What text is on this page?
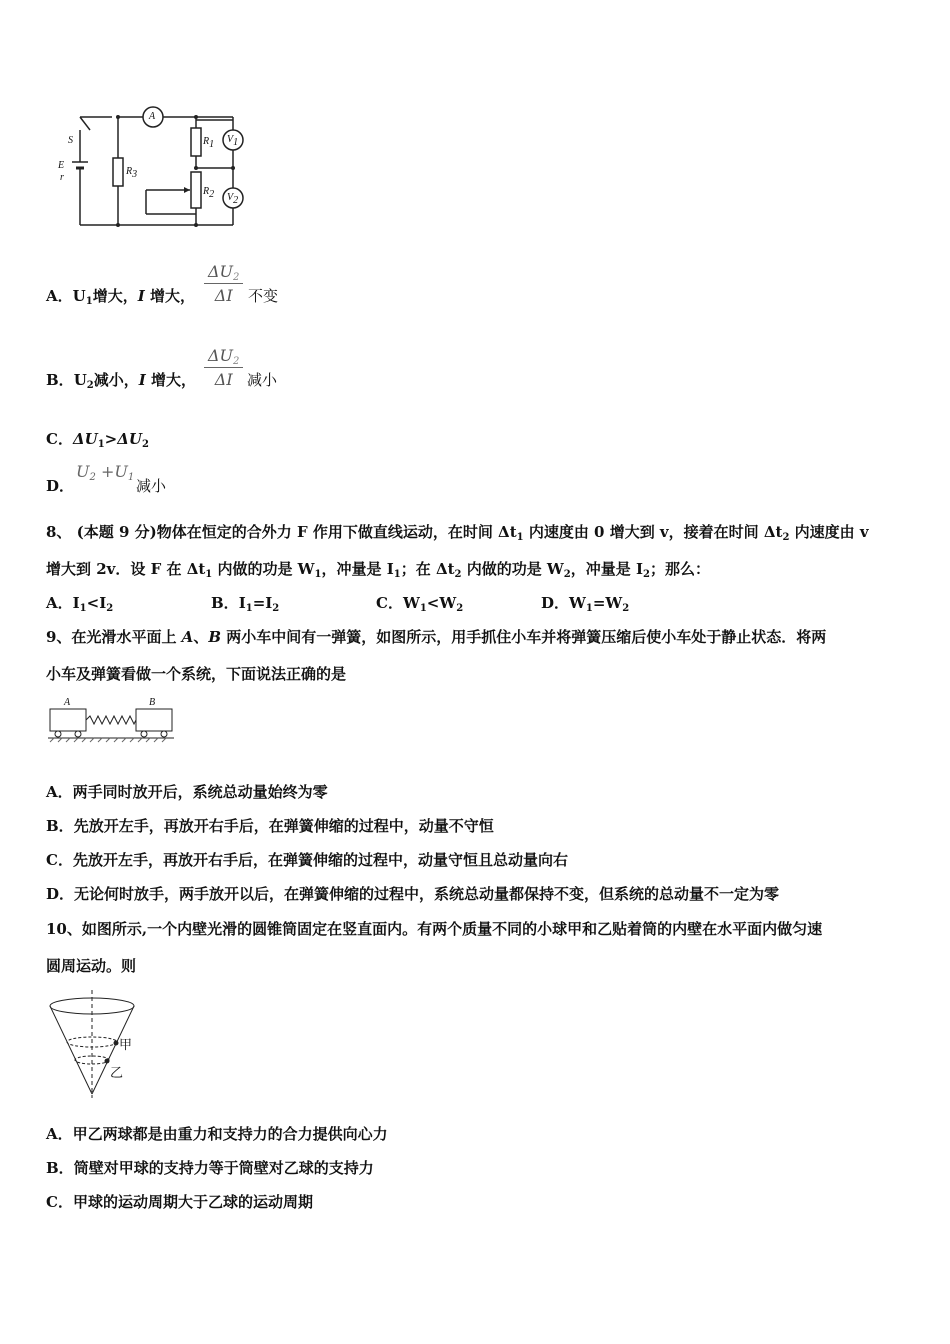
S
E
r
$R_3$
A
$R_1$
$R_2$
$V_1$
$V_2$
A．$U_1$增大，I 增大， $\frac{\Delta U_2}{\Delta I}$ 不变
B．$U_2$减小，I 增大， $\frac{\Delta U_2}{\Delta I}$ 减小
C．$\Delta U_1>\Delta U_2$
D．
$U_2 +U_1$ 减小
8、 (本题 9 分)物体在恒定的合外力 F 作用下做直线运动，在时间 $\Delta t_1$ 内速度由 0 增大到 v，接着在时间 $\Delta t_2$ 内速度由 v
增大到 2v．设 F 在 $\Delta t_1$ 内做的功是 $W_1$，冲量是 $I_1$；在 $\Delta t_2$ 内做的功是 $W_2$，冲量是 $I_2$；那么：
A．$I_1<I_2$	B．$I_1=I_2$	C．$W_1<W_2$	D．$W_1=W_2$
9、在光滑水平面上 A、B 两小车中间有一弹簧，如图所示，用手抓住小车并将弹簧压缩后使小车处于静止状态．将两
小车及弹簧看做一个系统，下面说法正确的是
A	B
A．两手同时放开后，系统总动量始终为零
B．先放开左手，再放开右手后，在弹簧伸缩的过程中，动量不守恒
C．先放开左手，再放开右手后，在弹簧伸缩的过程中，动量守恒且总动量向右
D．无论何时放手，两手放开以后，在弹簧伸缩的过程中，系统总动量都保持不变，但系统的总动量不一定为零
10、如图所示,一个内壁光滑的圆锥筒固定在竖直面内。有两个质量不同的小球甲和乙贴着筒的内壁在水平面内做匀速
圆周运动。则
甲
乙
A．甲乙两球都是由重力和支持力的合力提供向心力
B．筒壁对甲球的支持力等于筒壁对乙球的支持力
C．甲球的运动周期大于乙球的运动周期
